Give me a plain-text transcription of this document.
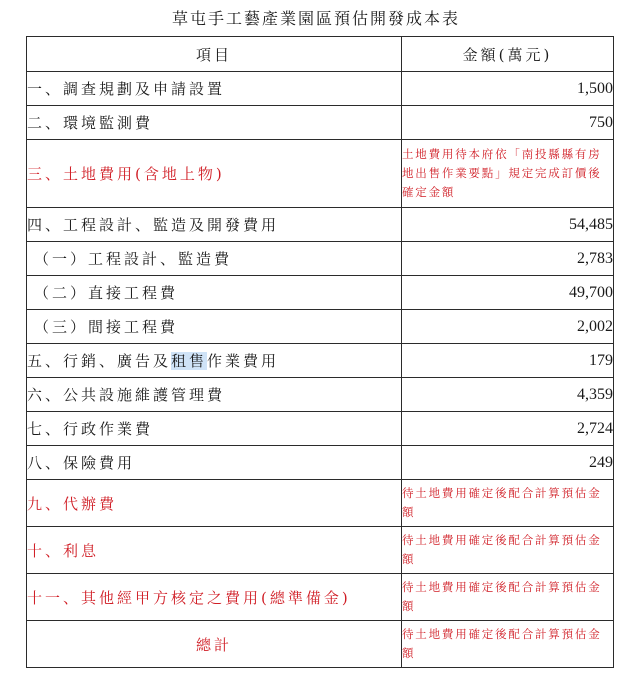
草屯手工藝產業園區預估開發成本表
項目	金額(萬元)
一、調查規劃及申請設置	1,500
二、環境監測費	750
三、土地費用(含地上物)	土地費用待本府依「南投縣縣有房地出售作業要點」規定完成訂價後確定金額
四、工程設計、監造及開發費用	54,485
（一）工程設計、監造費	2,783
（二）直接工程費	49,700
（三）間接工程費	2,002
五、行銷、廣告及租售作業費用	179
六、公共設施維護管理費	4,359
七、行政作業費	2,724
八、保險費用	249
九、代辦費	待土地費用確定後配合計算預估金額
十、利息	待土地費用確定後配合計算預估金額
十一、其他經甲方核定之費用(總準備金)	待土地費用確定後配合計算預估金額
總計	待土地費用確定後配合計算預估金額
